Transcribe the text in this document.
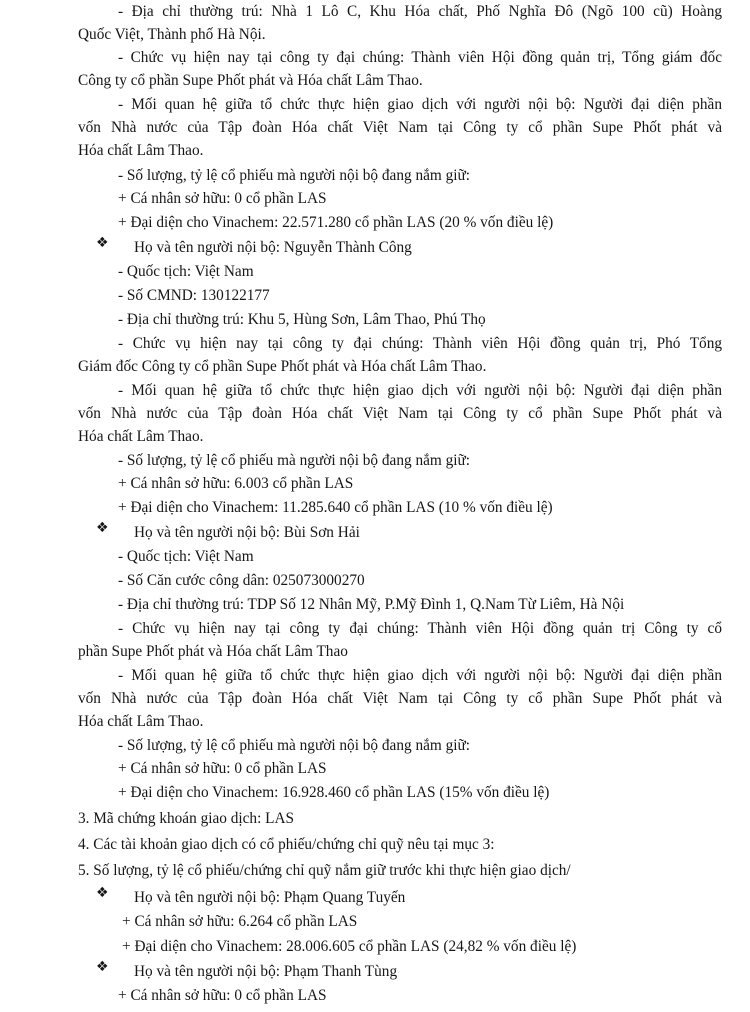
- Địa chỉ thường trú: Nhà 1 Lô C, Khu Hóa chất, Phố Nghĩa Đô (Ngõ 100 cũ) Hoàng
Quốc Việt, Thành phố Hà Nội.
- Chức vụ hiện nay tại công ty đại chúng: Thành viên Hội đồng quản trị, Tổng giám đốc
Công ty cổ phần Supe Phốt phát và Hóa chất Lâm Thao.
- Mối quan hệ giữa tổ chức thực hiện giao dịch với người nội bộ: Người đại diện phần
vốn Nhà nước của Tập đoàn Hóa chất Việt Nam tại Công ty cổ phần Supe Phốt phát và
Hóa chất Lâm Thao.
- Số lượng, tỷ lệ cổ phiếu mà người nội bộ đang nắm giữ:
+ Cá nhân sở hữu: 0 cổ phần LAS
+ Đại diện cho Vinachem: 22.571.280 cổ phần LAS (20 % vốn điều lệ)
❖ Họ và tên người nội bộ: Nguyễn Thành Công
- Quốc tịch: Việt Nam
- Số CMND: 130122177
- Địa chỉ thường trú: Khu 5, Hùng Sơn, Lâm Thao, Phú Thọ
- Chức vụ hiện nay tại công ty đại chúng: Thành viên Hội đồng quản trị, Phó Tổng
Giám đốc Công ty cổ phần Supe Phốt phát và Hóa chất Lâm Thao.
- Mối quan hệ giữa tổ chức thực hiện giao dịch với người nội bộ: Người đại diện phần
vốn Nhà nước của Tập đoàn Hóa chất Việt Nam tại Công ty cổ phần Supe Phốt phát và
Hóa chất Lâm Thao.
- Số lượng, tỷ lệ cổ phiếu mà người nội bộ đang nắm giữ:
+ Cá nhân sở hữu: 6.003 cổ phần LAS
+ Đại diện cho Vinachem: 11.285.640 cổ phần LAS (10 % vốn điều lệ)
❖ Họ và tên người nội bộ: Bùi Sơn Hải
- Quốc tịch: Việt Nam
- Số Căn cước công dân: 025073000270
- Địa chỉ thường trú: TDP Số 12 Nhân Mỹ, P.Mỹ Đình 1, Q.Nam Từ Liêm, Hà Nội
- Chức vụ hiện nay tại công ty đại chúng: Thành viên Hội đồng quản trị Công ty cổ
phần Supe Phốt phát và Hóa chất Lâm Thao
- Mối quan hệ giữa tổ chức thực hiện giao dịch với người nội bộ: Người đại diện phần
vốn Nhà nước của Tập đoàn Hóa chất Việt Nam tại Công ty cổ phần Supe Phốt phát và
Hóa chất Lâm Thao.
- Số lượng, tỷ lệ cổ phiếu mà người nội bộ đang nắm giữ:
+ Cá nhân sở hữu: 0 cổ phần LAS
+ Đại diện cho Vinachem: 16.928.460 cổ phần LAS (15% vốn điều lệ)
3. Mã chứng khoán giao dịch: LAS
4. Các tài khoản giao dịch có cổ phiếu/chứng chỉ quỹ nêu tại mục 3:
5. Số lượng, tỷ lệ cổ phiếu/chứng chỉ quỹ nắm giữ trước khi thực hiện giao dịch/
❖ Họ và tên người nội bộ: Phạm Quang Tuyến
+ Cá nhân sở hữu: 6.264 cổ phần LAS
+ Đại diện cho Vinachem: 28.006.605 cổ phần LAS (24,82 % vốn điều lệ)
❖ Họ và tên người nội bộ: Phạm Thanh Tùng
+ Cá nhân sở hữu: 0 cổ phần LAS
